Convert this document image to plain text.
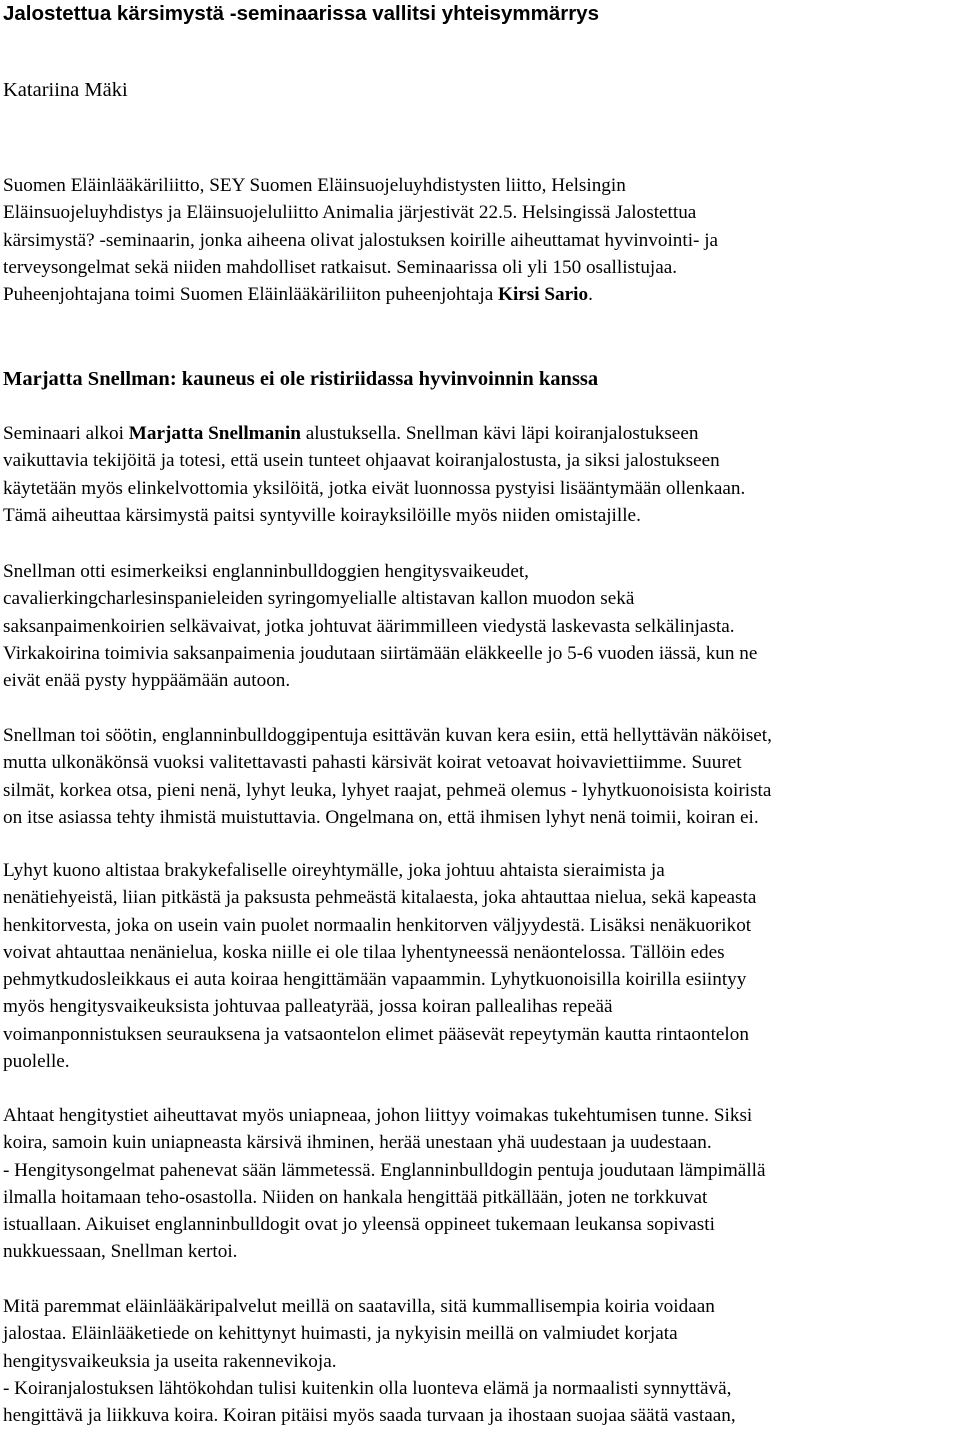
Jalostettua kärsimystä -seminaarissa vallitsi yhteisymmärrys

Katariina Mäki

Suomen Eläinlääkäriliitto, SEY Suomen Eläinsuojeluyhdistysten liitto, Helsingin
Eläinsuojeluyhdistys ja Eläinsuojeluliitto Animalia järjestivät 22.5. Helsingissä Jalostettua
kärsimystä? -seminaarin, jonka aiheena olivat jalostuksen koirille aiheuttamat hyvinvointi- ja
terveysongelmat sekä niiden mahdolliset ratkaisut. Seminaarissa oli yli 150 osallistujaa.
Puheenjohtajana toimi Suomen Eläinlääkäriliiton puheenjohtaja Kirsi Sario.

Marjatta Snellman: kauneus ei ole ristiriidassa hyvinvoinnin kanssa

Seminaari alkoi Marjatta Snellmanin alustuksella. Snellman kävi läpi koiranjalostukseen
vaikuttavia tekijöitä ja totesi, että usein tunteet ohjaavat koiranjalostusta, ja siksi jalostukseen
käytetään myös elinkelvottomia yksilöitä, jotka eivät luonnossa pystyisi lisääntymään ollenkaan.
Tämä aiheuttaa kärsimystä paitsi syntyville koirayksilöille myös niiden omistajille.

Snellman otti esimerkeiksi englanninbulldoggien hengitysvaikeudet,
cavalierkingcharlesinspanieleiden syringomyelialle altistavan kallon muodon sekä
saksanpaimenkoirien selkävaivat, jotka johtuvat äärimmilleen viedystä laskevasta selkälinjasta.
Virkakoirina toimivia saksanpaimenia joudutaan siirtämään eläkkeelle jo 5-6 vuoden iässä, kun ne
eivät enää pysty hyppäämään autoon.

Snellman toi söötin, englanninbulldoggipentuja esittävän kuvan kera esiin, että hellyttävän näköiset,
mutta ulkonäkönsä vuoksi valitettavasti pahasti kärsivät koirat vetoavat hoivaviettiimme. Suuret
silmät, korkea otsa, pieni nenä, lyhyt leuka, lyhyet raajat, pehmeä olemus - lyhytkuonoisista koirista
on itse asiassa tehty ihmistä muistuttavia. Ongelmana on, että ihmisen lyhyt nenä toimii, koiran ei.

Lyhyt kuono altistaa brakykefaliselle oireyhtymälle, joka johtuu ahtaista sieraimista ja
nenätiehyeistä, liian pitkästä ja paksusta pehmeästä kitalaesta, joka ahtauttaa nielua, sekä kapeasta
henkitorvesta, joka on usein vain puolet normaalin henkitorven väljyydestä. Lisäksi nenäkuorikot
voivat ahtauttaa nenänielua, koska niille ei ole tilaa lyhentyneessä nenäontelossa. Tällöin edes
pehmytkudosleikkaus ei auta koiraa hengittämään vapaammin. Lyhytkuonoisilla koirilla esiintyy
myös hengitysvaikeuksista johtuvaa palleatyrää, jossa koiran pallealihas repeää
voimanponnistuksen seurauksena ja vatsaontelon elimet pääsevät repeytymän kautta rintaontelon
puolelle.

Ahtaat hengitystiet aiheuttavat myös uniapneaa, johon liittyy voimakas tukehtumisen tunne. Siksi
koira, samoin kuin uniapneasta kärsivä ihminen, herää unestaan yhä uudestaan ja uudestaan.
- Hengitysongelmat pahenevat sään lämmetessä. Englanninbulldogin pentuja joudutaan lämpimällä
ilmalla hoitamaan teho-osastolla. Niiden on hankala hengittää pitkällään, joten ne torkkuvat
istuallaan. Aikuiset englanninbulldogit ovat jo yleensä oppineet tukemaan leukansa sopivasti
nukkuessaan, Snellman kertoi.

Mitä paremmat eläinlääkäripalvelut meillä on saatavilla, sitä kummallisempia koiria voidaan
jalostaa. Eläinlääketiede on kehittynyt huimasti, ja nykyisin meillä on valmiudet korjata
hengitysvaikeuksia ja useita rakennevikoja.
- Koiranjalostuksen lähtökohdan tulisi kuitenkin olla luonteva elämä ja normaalisti synnyttävä,
hengittävä ja liikkuva koira. Koiran pitäisi myös saada turvaan ja ihostaan suojaa säätä vastaan,
